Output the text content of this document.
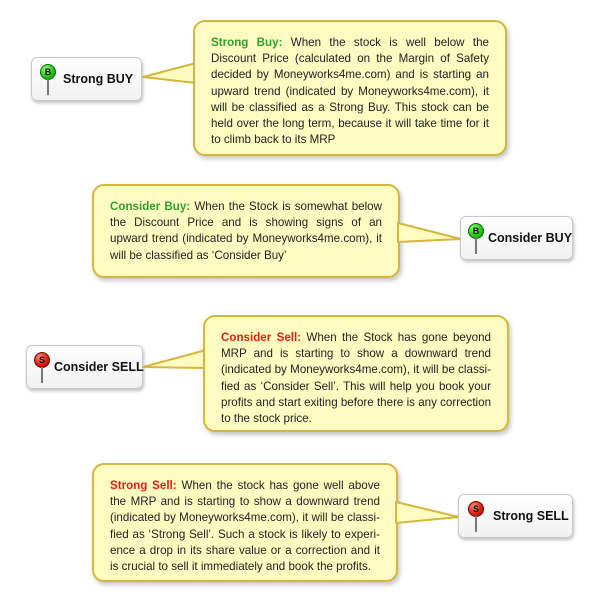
B Strong BUY
Strong Buy: When the stock is well below the Discount Price (calculated on the Margin of Safety decided by Moneyworks4me.com) and is starting an upward trend (indicated by Moneyworks4me.com), it will be classified as a Strong Buy. This stock can be held over the long term, because it will take time for it to climb back to its MRP
Consider Buy: When the Stock is somewhat below the Discount Price and is showing signs of an upward trend (indicated by Moneyworks4me.com), it will be classified as ‘Consider Buy’
B Consider BUY
S Consider SELL
Consider Sell: When the Stock has gone beyond MRP and is starting to show a downward trend (indicated by Moneyworks4me.com), it will be classi-fied as ‘Consider Sell’. This will help you book your profits and start exiting before there is any correction to the stock price.
Strong Sell: When the stock has gone well above the MRP and is starting to show a downward trend (indicated by Moneyworks4me.com), it will be classi-fied as ‘Strong Sell’. Such a stock is likely to experi-ence a drop in its share value or a correction and it is crucial to sell it immediately and book the profits.
S	Strong SELL
